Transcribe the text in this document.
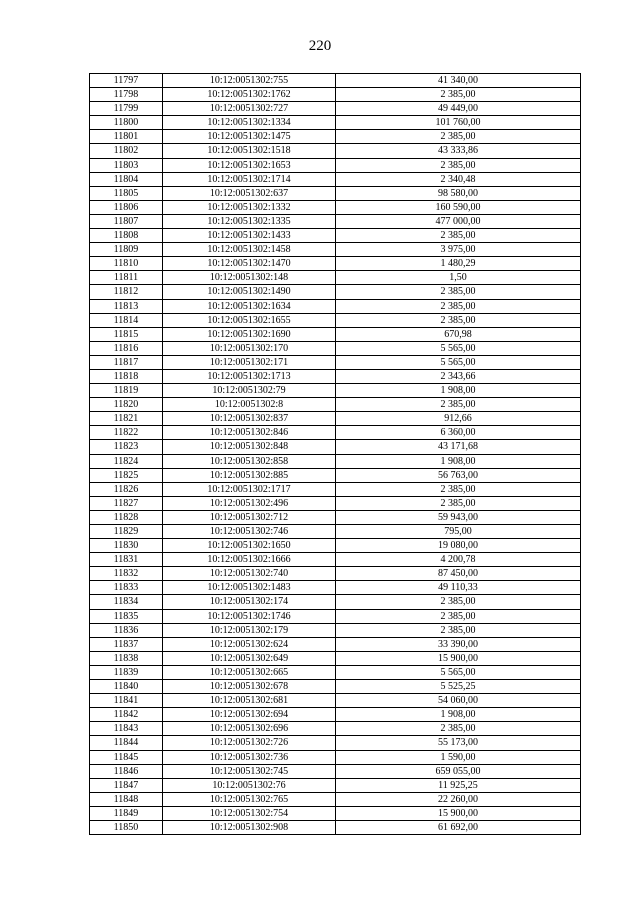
220
11797	10:12:0051302:755	41 340,00
11798	10:12:0051302:1762	2 385,00
11799	10:12:0051302:727	49 449,00
11800	10:12:0051302:1334	101 760,00
11801	10:12:0051302:1475	2 385,00
11802	10:12:0051302:1518	43 333,86
11803	10:12:0051302:1653	2 385,00
11804	10:12:0051302:1714	2 340,48
11805	10:12:0051302:637	98 580,00
11806	10:12:0051302:1332	160 590,00
11807	10:12:0051302:1335	477 000,00
11808	10:12:0051302:1433	2 385,00
11809	10:12:0051302:1458	3 975,00
11810	10:12:0051302:1470	1 480,29
11811	10:12:0051302:148	1,50
11812	10:12:0051302:1490	2 385,00
11813	10:12:0051302:1634	2 385,00
11814	10:12:0051302:1655	2 385,00
11815	10:12:0051302:1690	670,98
11816	10:12:0051302:170	5 565,00
11817	10:12:0051302:171	5 565,00
11818	10:12:0051302:1713	2 343,66
11819	10:12:0051302:79	1 908,00
11820	10:12:0051302:8	2 385,00
11821	10:12:0051302:837	912,66
11822	10:12:0051302:846	6 360,00
11823	10:12:0051302:848	43 171,68
11824	10:12:0051302:858	1 908,00
11825	10:12:0051302:885	56 763,00
11826	10:12:0051302:1717	2 385,00
11827	10:12:0051302:496	2 385,00
11828	10:12:0051302:712	59 943,00
11829	10:12:0051302:746	795,00
11830	10:12:0051302:1650	19 080,00
11831	10:12:0051302:1666	4 200,78
11832	10:12:0051302:740	87 450,00
11833	10:12:0051302:1483	49 110,33
11834	10:12:0051302:174	2 385,00
11835	10:12:0051302:1746	2 385,00
11836	10:12:0051302:179	2 385,00
11837	10:12:0051302:624	33 390,00
11838	10:12:0051302:649	15 900,00
11839	10:12:0051302:665	5 565,00
11840	10:12:0051302:678	5 525,25
11841	10:12:0051302:681	54 060,00
11842	10:12:0051302:694	1 908,00
11843	10:12:0051302:696	2 385,00
11844	10:12:0051302:726	55 173,00
11845	10:12:0051302:736	1 590,00
11846	10:12:0051302:745	659 055,00
11847	10:12:0051302:76	11 925,25
11848	10:12:0051302:765	22 260,00
11849	10:12:0051302:754	15 900,00
11850	10:12:0051302:908	61 692,00
